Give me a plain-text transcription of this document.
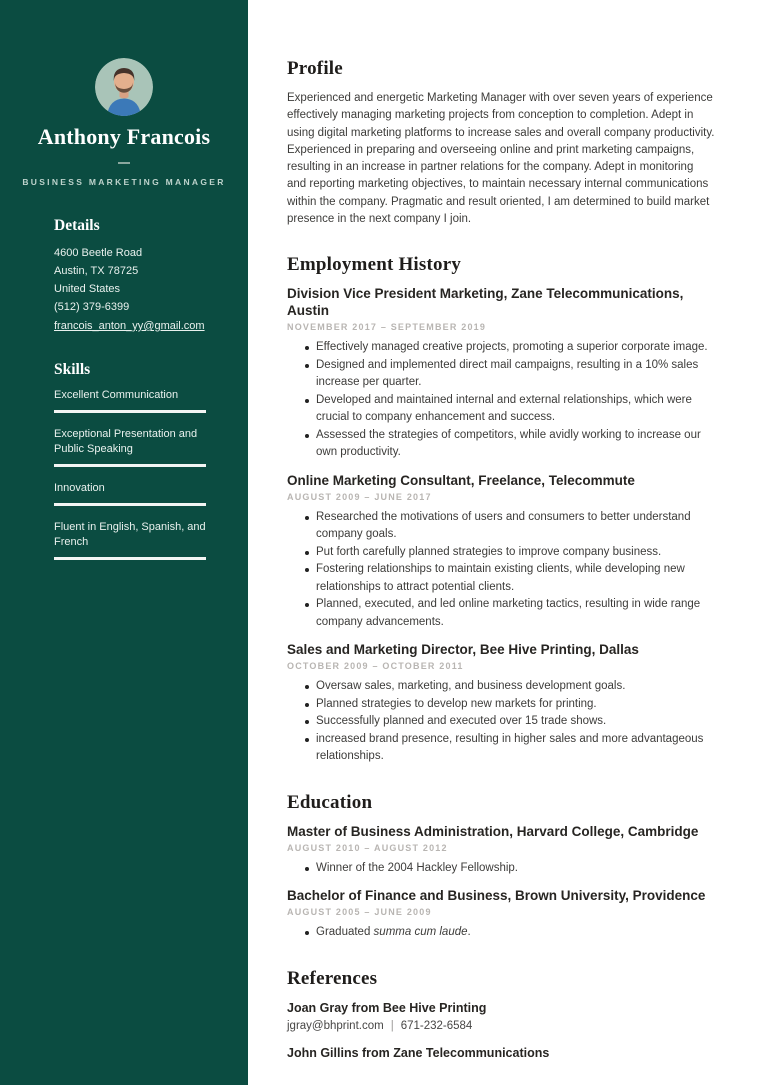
Anthony Francois
BUSINESS MARKETING MANAGER
Details
4600 Beetle Road
Austin, TX 78725
United States
(512) 379-6399
francois_anton_yy@gmail.com
Skills
Excellent Communication
Exceptional Presentation and Public Speaking
Innovation
Fluent in English, Spanish, and French
Profile

Experienced and energetic Marketing Manager with over seven years of experience effectively managing marketing projects from conception to completion. Adept in using digital marketing platforms to increase sales and overall company productivity. Experienced in preparing and overseeing online and print marketing campaigns, resulting in an increase in partner relations for the company. Adept in monitoring and reporting marketing objectives, to maintain necessary internal communications within the company. Pragmatic and result oriented, I am determined to build market presence in the next company I join.

Employment History
Division Vice President Marketing, Zane Telecommunications, Austin
NOVEMBER 2017 – SEPTEMBER 2019
Effectively managed creative projects, promoting a superior corporate image.
Designed and implemented direct mail campaigns, resulting in a 10% sales increase per quarter.
Developed and maintained internal and external relationships, which were crucial to company enhancement and success.
Assessed the strategies of competitors, while avidly working to increase our own productivity.
Online Marketing Consultant, Freelance, Telecommute
AUGUST 2009 – JUNE 2017
Researched the motivations of users and consumers to better understand company goals.
Put forth carefully planned strategies to improve company business.
Fostering relationships to maintain existing clients, while developing new relationships to attract potential clients.
Planned, executed, and led online marketing tactics, resulting in wide range company advancements.
Sales and Marketing Director, Bee Hive Printing, Dallas
OCTOBER 2009 – OCTOBER 2011
Oversaw sales, marketing, and business development goals.
Planned strategies to develop new markets for printing.
Successfully planned and executed over 15 trade shows.
increased brand presence, resulting in higher sales and more advantageous relationships.
Education
Master of Business Administration, Harvard College, Cambridge
AUGUST 2010 – AUGUST 2012
Winner of the 2004 Hackley Fellowship.
Bachelor of Finance and Business, Brown University, Providence
AUGUST 2005 – JUNE 2009
Graduated summa cum laude.
References
Joan Gray from Bee Hive Printing
jgray@bhprint.com | 671-232-6584
John Gillins from Zane Telecommunications
